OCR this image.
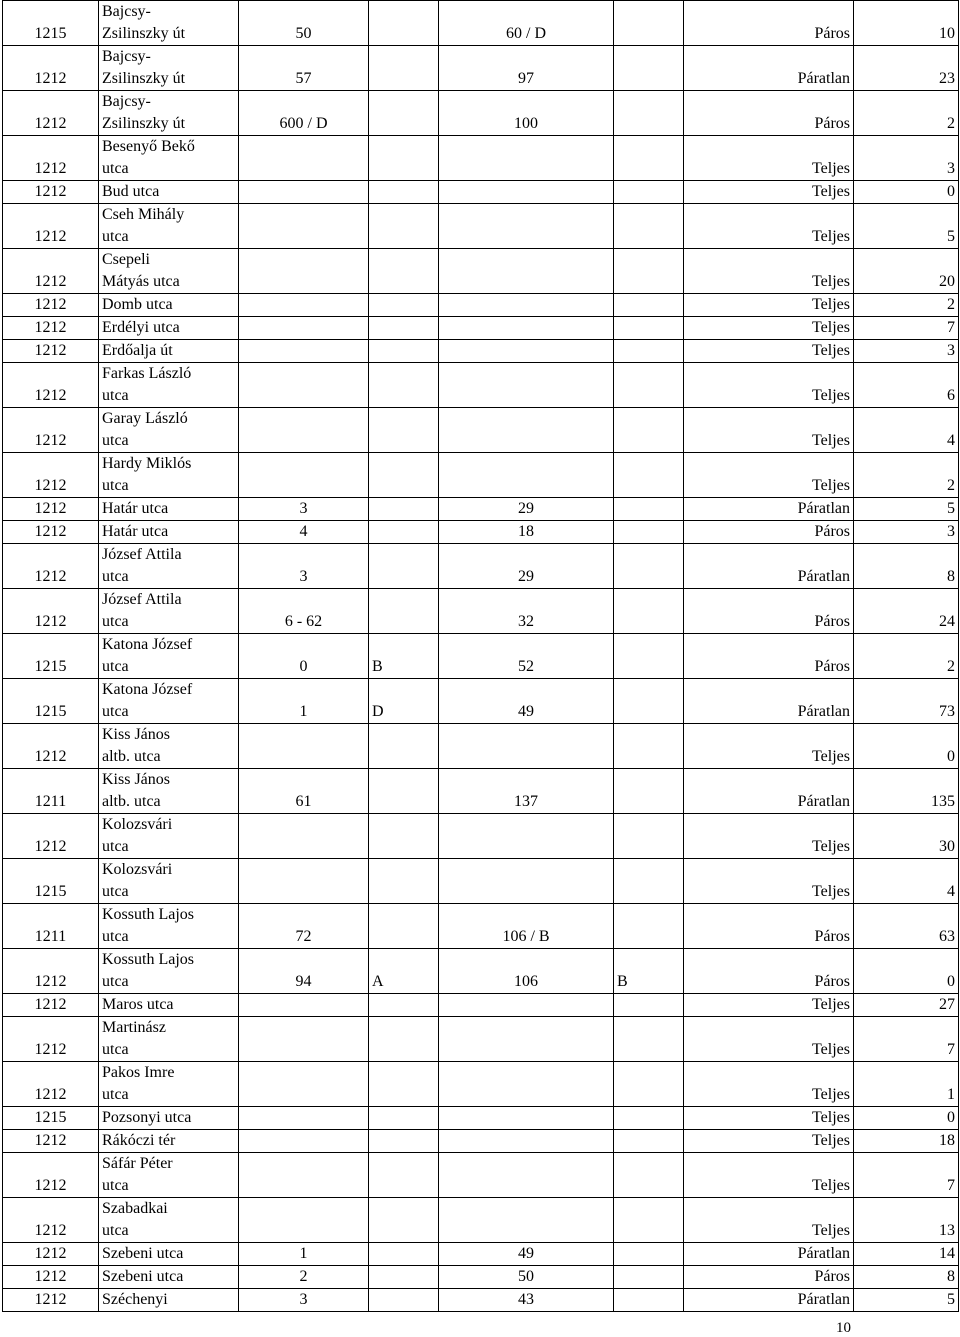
1215	Bajcsy-
Zsilinszky út	50		60 / D		Páros	10
1212	Bajcsy-
Zsilinszky út	57		97		Páratlan	23
1212	Bajcsy-
Zsilinszky út	600 / D		100		Páros	2
1212	Besenyő Bekő
utca					Teljes	3
1212	Bud utca					Teljes	0
1212	Cseh Mihály
utca					Teljes	5
1212	Csepeli
Mátyás utca					Teljes	20
1212	Domb utca					Teljes	2
1212	Erdélyi utca					Teljes	7
1212	Erdőalja út					Teljes	3
1212	Farkas László
utca					Teljes	6
1212	Garay László
utca					Teljes	4
1212	Hardy Miklós
utca					Teljes	2
1212	Határ utca	3		29		Páratlan	5
1212	Határ utca	4		18		Páros	3
1212	József Attila
utca	3		29		Páratlan	8
1212	József Attila
utca	6 - 62		32		Páros	24
1215	Katona József
utca	0	B	52		Páros	2
1215	Katona József
utca	1	D	49		Páratlan	73
1212	Kiss János
altb. utca					Teljes	0
1211	Kiss János
altb. utca	61		137		Páratlan	135
1212	Kolozsvári
utca					Teljes	30
1215	Kolozsvári
utca					Teljes	4
1211	Kossuth Lajos
utca	72		106 / B		Páros	63
1212	Kossuth Lajos
utca	94	A	106	B	Páros	0
1212	Maros utca					Teljes	27
1212	Martinász
utca					Teljes	7
1212	Pakos Imre
utca					Teljes	1
1215	Pozsonyi utca					Teljes	0
1212	Rákóczi tér					Teljes	18
1212	Sáfár Péter
utca					Teljes	7
1212	Szabadkai
utca					Teljes	13
1212	Szebeni utca	1		49		Páratlan	14
1212	Szebeni utca	2		50		Páros	8
1212	Széchenyi	3		43		Páratlan	5
10
